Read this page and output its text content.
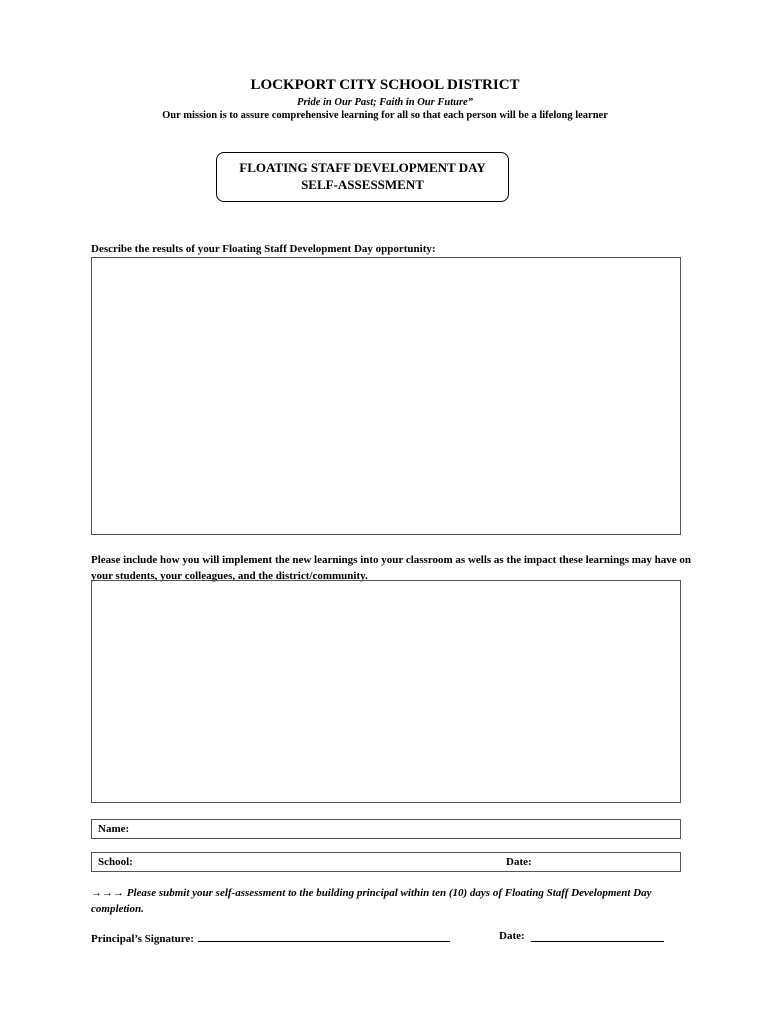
LOCKPORT CITY SCHOOL DISTRICT
Pride in Our Past; Faith in Our Future”
Our mission is to assure comprehensive learning for all so that each person will be a lifelong learner
FLOATING STAFF DEVELOPMENT DAY
SELF-ASSESSMENT
Describe the results of your Floating Staff Development Day opportunity:
Please include how you will implement the new learnings into your classroom as wells as the impact these learnings may have on your students, your colleagues, and the district/community.
Name:
School:	Date:
→→→ Please submit your self-assessment to the building principal within ten (10) days of Floating Staff Development Day completion.
Principal’s Signature:	Date:
